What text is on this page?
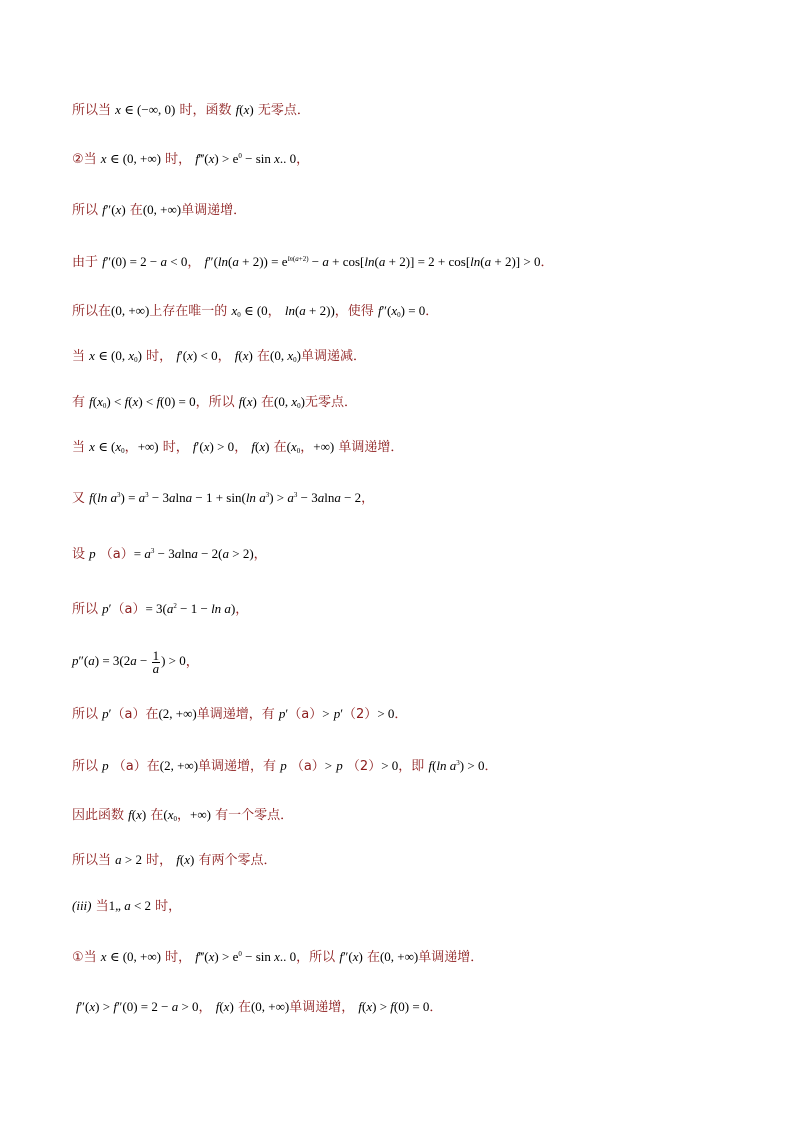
所以当 x ∈ (−∞, 0) 时，函数 f(x) 无零点．
②当 x ∈ (0, +∞) 时， f‴(x) > $e^0 - \sin x$.. 0，
所以 f″(x) 在(0, +∞)单调递增．
由于 f″(0) = 2 − a < 0， $f''(\ln(a + 2)) = e^{ln(a+2)} - a + \cos[\ln(a + 2)] = 2 + \cos[\ln(a + 2)] > 0$．
所以在(0, +∞)上存在唯一的 $x_0$ ∈ (0， ln(a + 2))，使得 $f''(x_0) = 0$．
当 x ∈ (0, $x_0$) 时， f′(x) < 0， f(x) 在(0, $x_0$)单调递减．
有 $f(x_0) < f(x) < f(0) = 0$，所以 f(x) 在(0, $x_0$)无零点．
当 x ∈ ($x_0$，+∞) 时， f′(x) > 0， f(x) 在($x_0$，+∞) 单调递增．
又 f(ln $a^3) = a^3 - 3alna - 1 + \sin(\ln$ $a^3) > a^3 - 3alna - 2$，
设 p $(a)= a^3 - 3alna - 2(a > 2)$，
所以 $p'(a)= 3(a^2 - 1 - \ln a)$，
$p''(a) = 3(2a - \frac{1}{a}$ ) > 0，
所以 p′（a）在(2, +∞)单调递增，有 p′（a）> p′（2）> 0．
所以 p （a）在(2, +∞)单调递增，有 p （a）> p （2）> 0，即 f(ln $a^3) > 0$．
因此函数 f(x) 在($x_0$，+∞) 有一个零点．
所以当 a > 2 时， f(x) 有两个零点．
(iii) 当1„ a < 2 时，
①当 x ∈ (0, +∞) 时， f‴(x) > $e^0 - \sin x$.. 0，所以 f″(x) 在(0, +∞)单调递增．
f″(x) > f″(0) = 2 − a > 0， f(x) 在(0, +∞)单调递增， f(x) > f(0) = 0．
